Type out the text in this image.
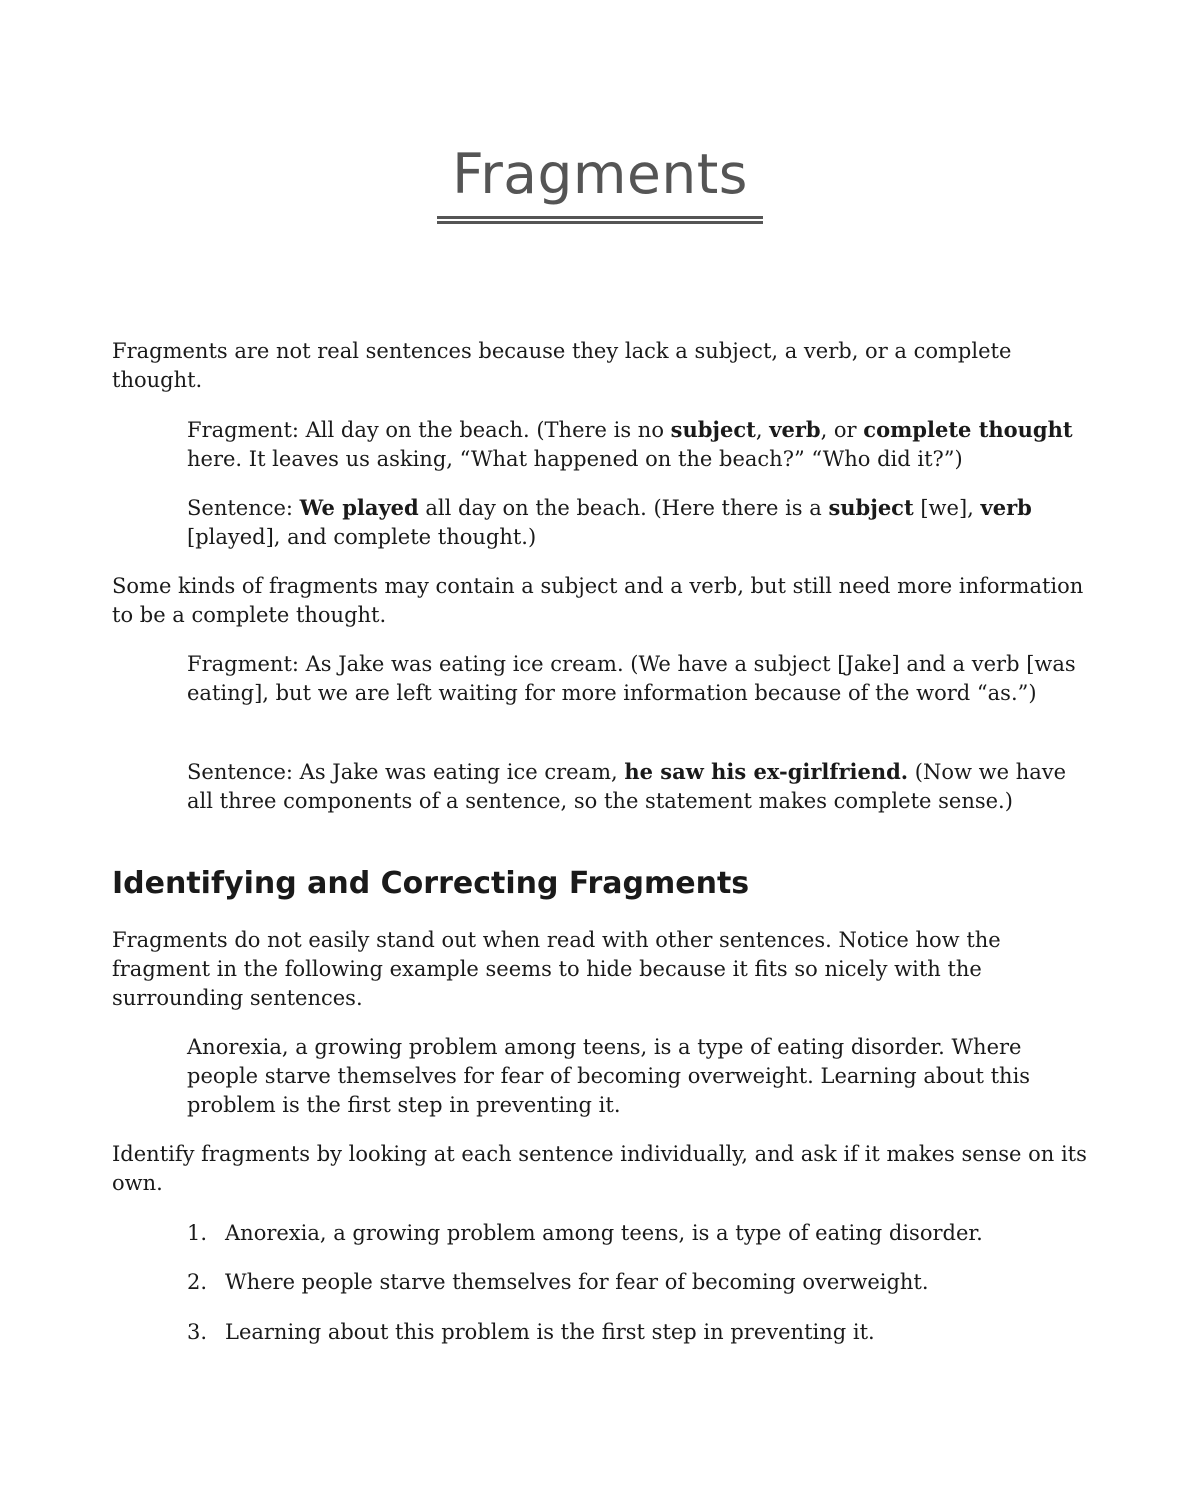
Fragments
Fragments are not real sentences because they lack a subject, a verb, or a complete thought.
Fragment: All day on the beach. (There is no subject, verb, or complete thought here. It leaves us asking, “What happened on the beach?” “Who did it?”)
Sentence: We played all day on the beach. (Here there is a subject [we], verb [played], and complete thought.)
Some kinds of fragments may contain a subject and a verb, but still need more information to be a complete thought.
Fragment: As Jake was eating ice cream. (We have a subject [Jake] and a verb [was eating], but we are left waiting for more information because of the word “as.”)
Sentence: As Jake was eating ice cream, he saw his ex-girlfriend. (Now we have all three components of a sentence, so the statement makes complete sense.)
Identifying and Correcting Fragments
Fragments do not easily stand out when read with other sentences. Notice how the fragment in the following example seems to hide because it fits so nicely with the surrounding sentences.
Anorexia, a growing problem among teens, is a type of eating disorder. Where people starve themselves for fear of becoming overweight. Learning about this problem is the first step in preventing it.
Identify fragments by looking at each sentence individually, and ask if it makes sense on its own.
1. Anorexia, a growing problem among teens, is a type of eating disorder.
2. Where people starve themselves for fear of becoming overweight.
3. Learning about this problem is the first step in preventing it.
